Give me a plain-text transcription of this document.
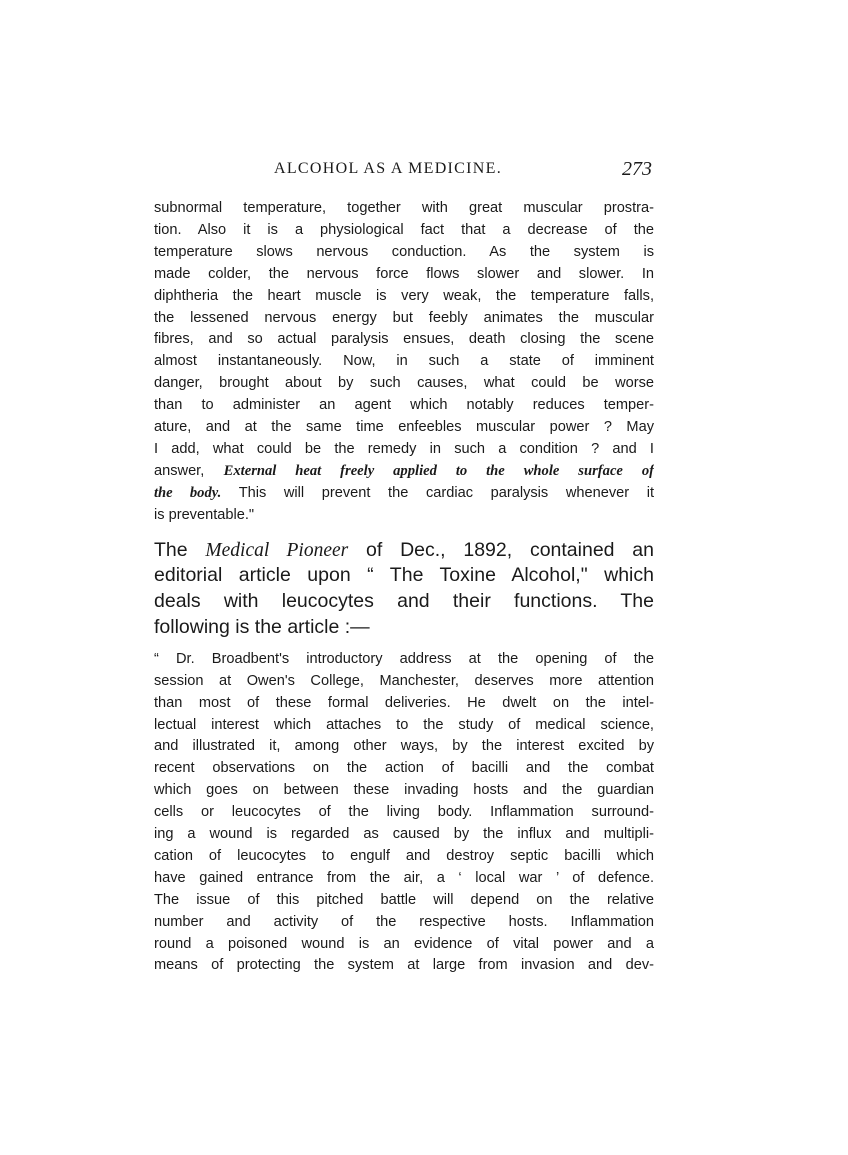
ALCOHOL AS A MEDICINE.	273
subnormal temperature, together with great muscular prostra-
tion. Also it is a physiological fact that a decrease of the
temperature slows nervous conduction. As the system is
made colder, the nervous force flows slower and slower. In
diphtheria the heart muscle is very weak, the temperature falls,
the lessened nervous energy but feebly animates the muscular
fibres, and so actual paralysis ensues, death closing the scene
almost instantaneously. Now, in such a state of imminent
danger, brought about by such causes, what could be worse
than to administer an agent which notably reduces temper-
ature, and at the same time enfeebles muscular power ? May
I add, what could be the remedy in such a condition ? and I
answer, External heat freely applied to the whole surface of
the body. This will prevent the cardiac paralysis whenever it
is preventable."
The Medical Pioneer of Dec., 1892, contained an
editorial article upon “ The Toxine Alcohol," which
deals with leucocytes and their functions. The
following is the article :—
“ Dr. Broadbent's introductory address at the opening of the
session at Owen's College, Manchester, deserves more attention
than most of these formal deliveries. He dwelt on the intel-
lectual interest which attaches to the study of medical science,
and illustrated it, among other ways, by the interest excited by
recent observations on the action of bacilli and the combat
which goes on between these invading hosts and the guardian
cells or leucocytes of the living body. Inflammation surround-
ing a wound is regarded as caused by the influx and multipli-
cation of leucocytes to engulf and destroy septic bacilli which
have gained entrance from the air, a ‘ local war ’ of defence.
The issue of this pitched battle will depend on the relative
number and activity of the respective hosts. Inflammation
round a poisoned wound is an evidence of vital power and a
means of protecting the system at large from invasion and dev-
